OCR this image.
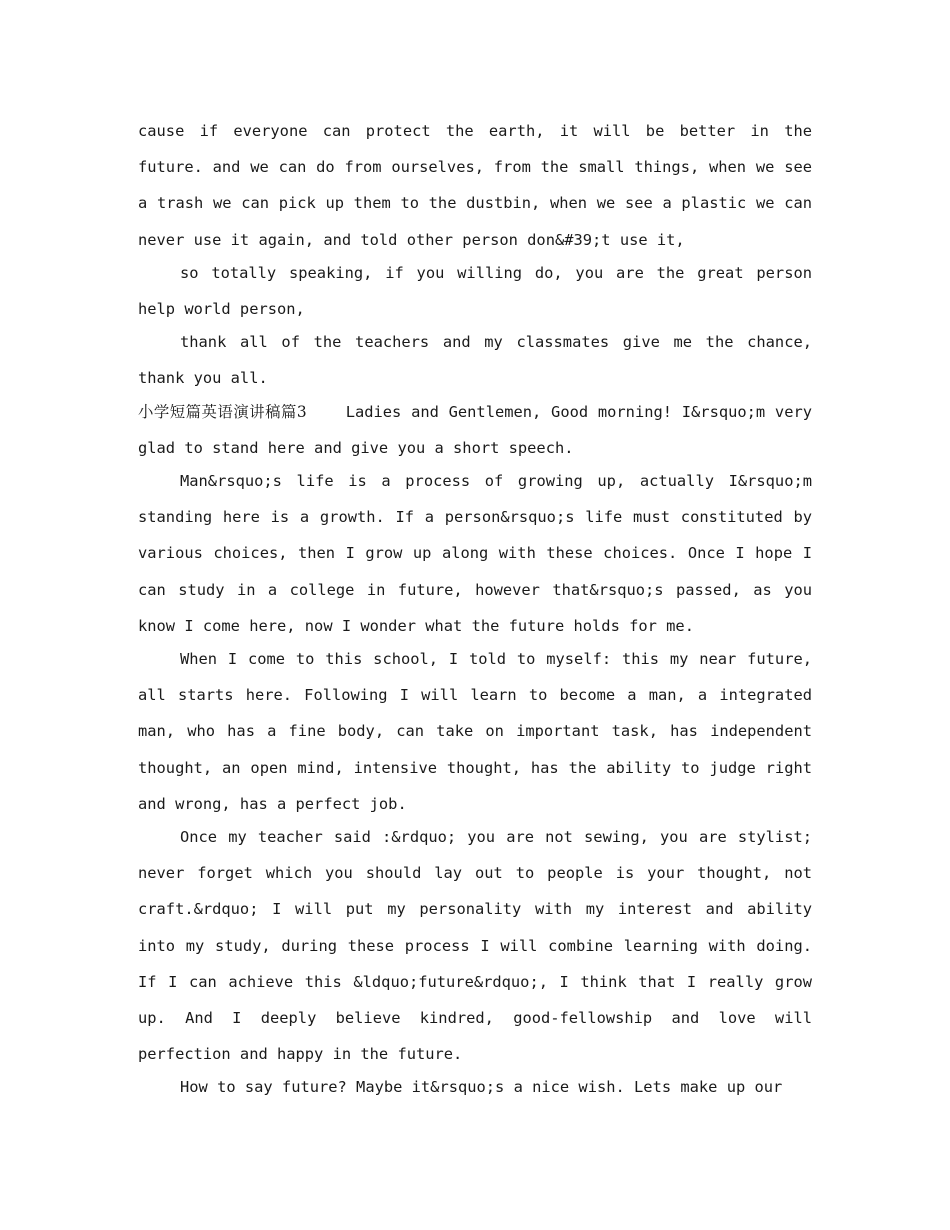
cause if everyone can protect the earth, it will be better in the future. and we can do from ourselves, from the small things, when we see a trash we can pick up them to the dustbin, when we see a plastic we can never use it again, and told other person don&#39;t use it,

so totally speaking, if you willing do, you are the great person help world person,

thank all of the teachers and my classmates give me the chance, thank you all.

小学短篇英语演讲稿篇3    Ladies and Gentlemen, Good morning! I&rsquo;m very glad to stand here and give you a short speech.

Man&rsquo;s life is a process of growing up, actually I&rsquo;m standing here is a growth. If a person&rsquo;s life must constituted by various choices, then I grow up along with these choices. Once I hope I can study in a college in future, however that&rsquo;s passed, as you know I come here, now I wonder what the future holds for me.

When I come to this school, I told to myself: this my near future, all starts here. Following I will learn to become a man, a integrated man, who has a fine body, can take on important task, has independent thought, an open mind, intensive thought, has the ability to judge right and wrong, has a perfect job.

Once my teacher said :&rdquo; you are not sewing, you are stylist; never forget which you should lay out to people is your thought, not craft.&rdquo; I will put my personality with my interest and ability into my study, during these process I will combine learning with doing. If I can achieve this &ldquo;future&rdquo;, I think that I really grow up. And I deeply believe kindred, good-fellowship and love will perfection and happy in the future.

How to say future? Maybe it&rsquo;s a nice wish. Lets make up our
